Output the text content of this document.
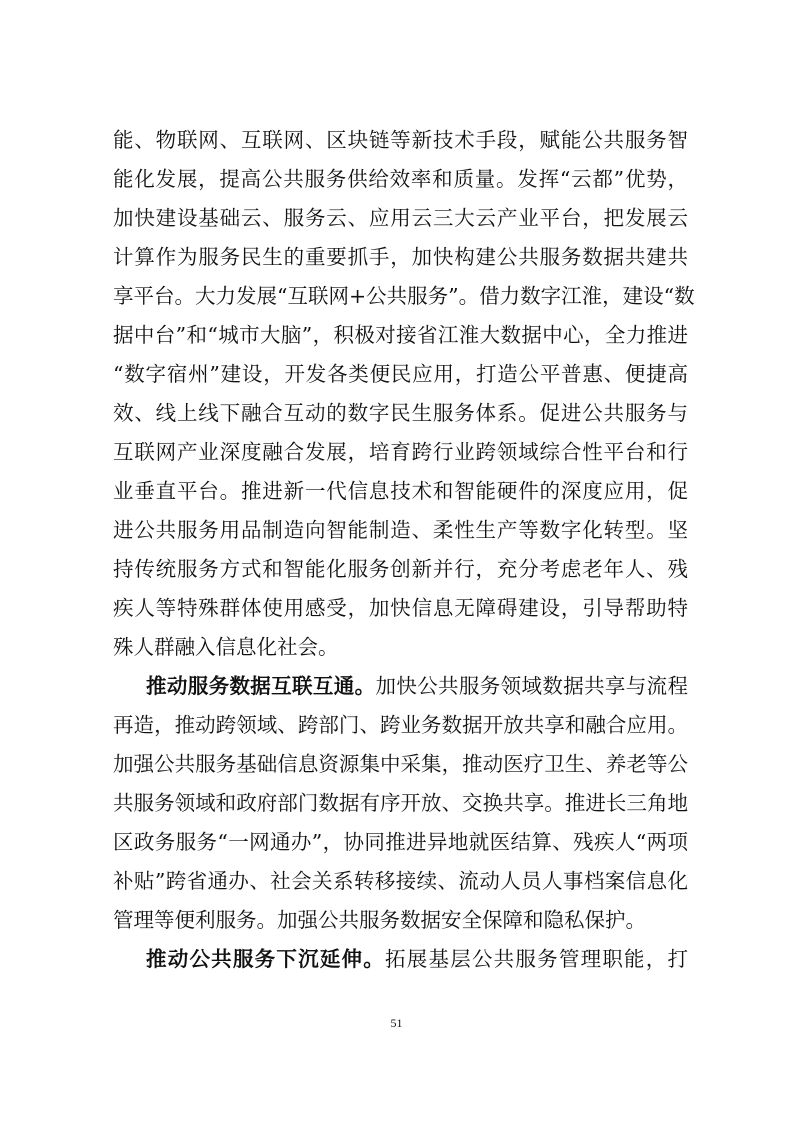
能、物联网、互联网、区块链等新技术手段，赋能公共服务智
能化发展，提高公共服务供给效率和质量。发挥“云都”优势，
加快建设基础云、服务云、应用云三大云产业平台，把发展云
计算作为服务民生的重要抓手，加快构建公共服务数据共建共
享平台。大力发展“互联网+公共服务”。借力数字江淮，建设“数
据中台”和“城市大脑”，积极对接省江淮大数据中心，全力推进
“数字宿州”建设，开发各类便民应用，打造公平普惠、便捷高
效、线上线下融合互动的数字民生服务体系。促进公共服务与
互联网产业深度融合发展，培育跨行业跨领域综合性平台和行
业垂直平台。推进新一代信息技术和智能硬件的深度应用，促
进公共服务用品制造向智能制造、柔性生产等数字化转型。坚
持传统服务方式和智能化服务创新并行，充分考虑老年人、残
疾人等特殊群体使用感受，加快信息无障碍建设，引导帮助特
殊人群融入信息化社会。
推动服务数据互联互通。加快公共服务领域数据共享与流程
再造，推动跨领域、跨部门、跨业务数据开放共享和融合应用。
加强公共服务基础信息资源集中采集，推动医疗卫生、养老等公
共服务领域和政府部门数据有序开放、交换共享。推进长三角地
区政务服务“一网通办”，协同推进异地就医结算、残疾人“两项
补贴”跨省通办、社会关系转移接续、流动人员人事档案信息化
管理等便利服务。加强公共服务数据安全保障和隐私保护。
推动公共服务下沉延伸。拓展基层公共服务管理职能，打
51
